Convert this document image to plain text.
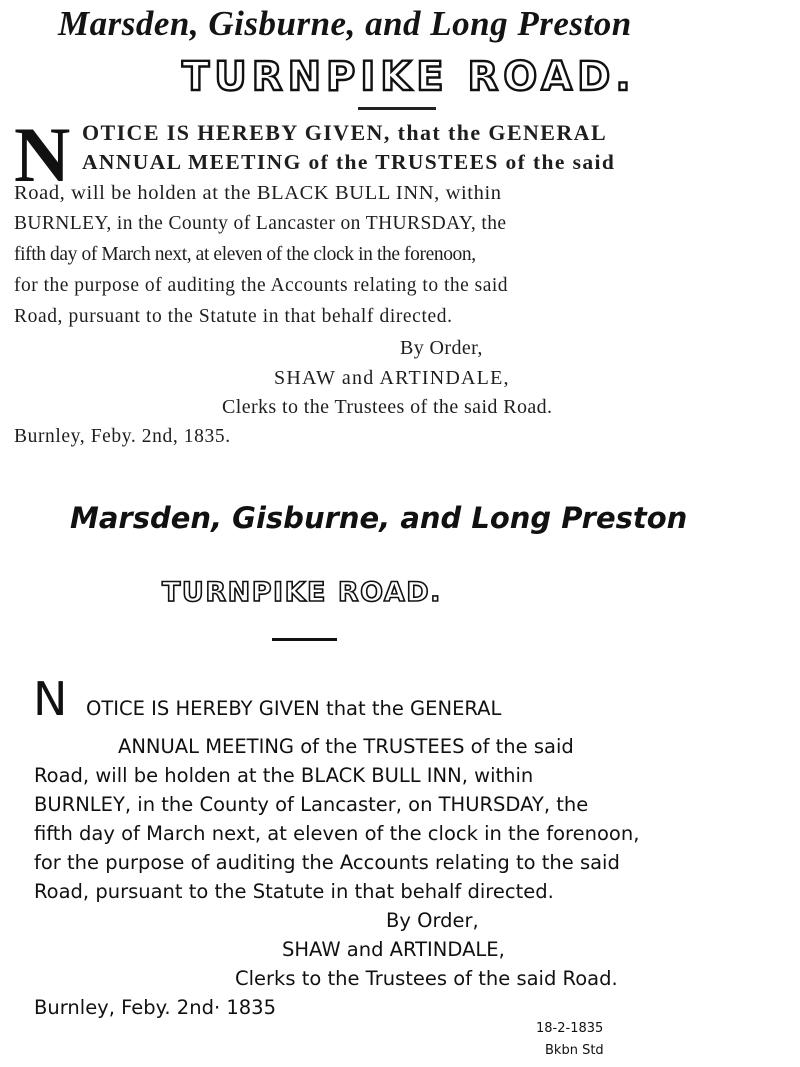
Marsden, Gisburne, and Long Preston
TURNPIKE ROAD.
N OTICE IS HEREBY GIVEN, that the GENERAL
ANNUAL MEETING of the TRUSTEES of the said
Road, will be holden at the BLACK BULL INN, within
BURNLEY, in the County of Lancaster on THURSDAY, the
fifth day of March next, at eleven of the clock in the forenoon,
for the purpose of auditing the Accounts relating to the said
Road, pursuant to the Statute in that behalf directed.
By Order,
SHAW and ARTINDALE,
Clerks to the Trustees of the said Road.
Burnley, Feby. 2nd, 1835.
Marsden, Gisburne, and Long Preston
TURNPIKE ROAD.
N OTICE IS HEREBY GIVEN that the GENERAL
ANNUAL MEETING of the TRUSTEES of the said
Road, will be holden at the BLACK BULL INN, within
BURNLEY, in the County of Lancaster, on THURSDAY, the
fifth day of March next, at eleven of the clock in the forenoon,
for the purpose of auditing the Accounts relating to the said
Road, pursuant to the Statute in that behalf directed.
By Order,
SHAW and ARTINDALE,
Clerks to the Trustees of the said Road.
Burnley, Feby. 2nd· 1835
18-2-1835
Bkbn Std
